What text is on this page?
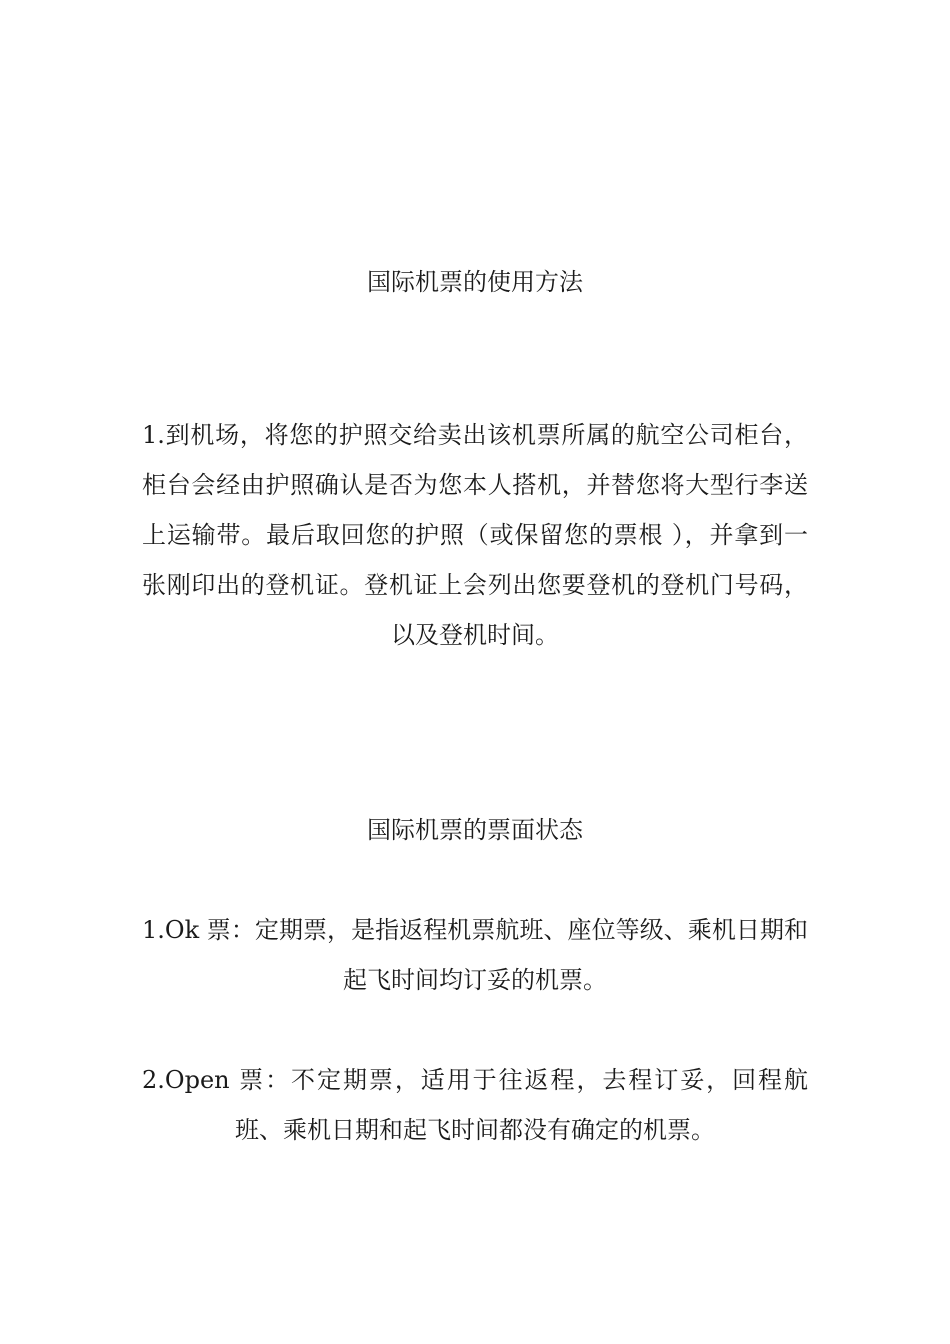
国际机票的使用方法

1.到机场，将您的护照交给卖出该机票所属的航空公司柜台，柜台会经由护照确认是否为您本人搭机，并替您将大型行李送上运输带。最后取回您的护照（或保留您的票根 ），并拿到一张刚印出的登机证。登机证上会列出您要登机的登机门号码，以及登机时间。

国际机票的票面状态

1.Ok 票：定期票，是指返程机票航班、座位等级、乘机日期和起飞时间均订妥的机票。

2.Open 票：不定期票，适用于往返程，去程订妥，回程航班、乘机日期和起飞时间都没有确定的机票。
